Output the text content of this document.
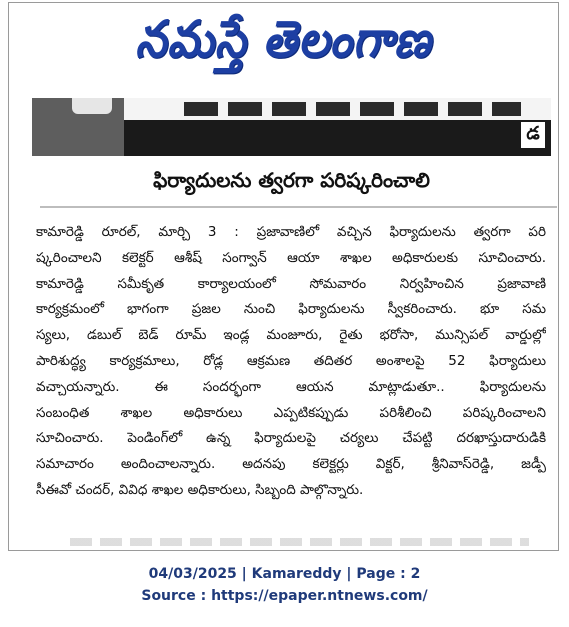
నమస్తే తెలంగాణ
డ
ఫిర్యాదులను త్వరగా పరిష్కరించాలి
కామారెడ్డి రూరల్‌, మార్చి 3 : ప్రజావాణిలో వచ్చిన ఫిర్యాదులను త్వరగా పరి
ష్కరించాలని కలెక్టర్‌ ఆశీష్‌ సంగ్వాన్‌ ఆయా శాఖల అధికారులకు సూచించారు.
కామారెడ్డి సమీకృత కార్యాలయంలో సోమవారం నిర్వహించిన ప్రజావాణి
కార్యక్రమంలో భాగంగా ప్రజల నుంచి ఫిర్యాదులను స్వీకరించారు. భూ సమ
స్యలు, డబుల్‌ బెడ్‌ రూమ్‌ ఇండ్ల మంజూరు, రైతు భరోసా, మున్సిపల్‌ వార్డుల్లో
పారిశుద్ధ్య కార్యక్రమాలు, రోడ్ల ఆక్రమణ తదితర అంశాలపై 52 ఫిర్యాదులు
వచ్చాయన్నారు. ఈ సందర్భంగా ఆయన మాట్లాడుతూ.. ఫిర్యాదులను
సంబంధిత శాఖల అధికారులు ఎప్పటికప్పుడు పరిశీలించి పరిష్కరించాలని
సూచించారు. పెండింగ్‌లో ఉన్న ఫిర్యాదులపై చర్యలు చేపట్టి దరఖాస్తుదారుడికి
సమాచారం అందించాలన్నారు. అదనపు కలెక్టర్లు విక్టర్‌, శ్రీనివాస్‌రెడ్డి, జడ్పీ
సీఈవో చందర్‌, వివిధ శాఖల అధికారులు, సిబ్బంది పాల్గొన్నారు.
04/03/2025 | Kamareddy | Page : 2
Source : https://epaper.ntnews.com/
